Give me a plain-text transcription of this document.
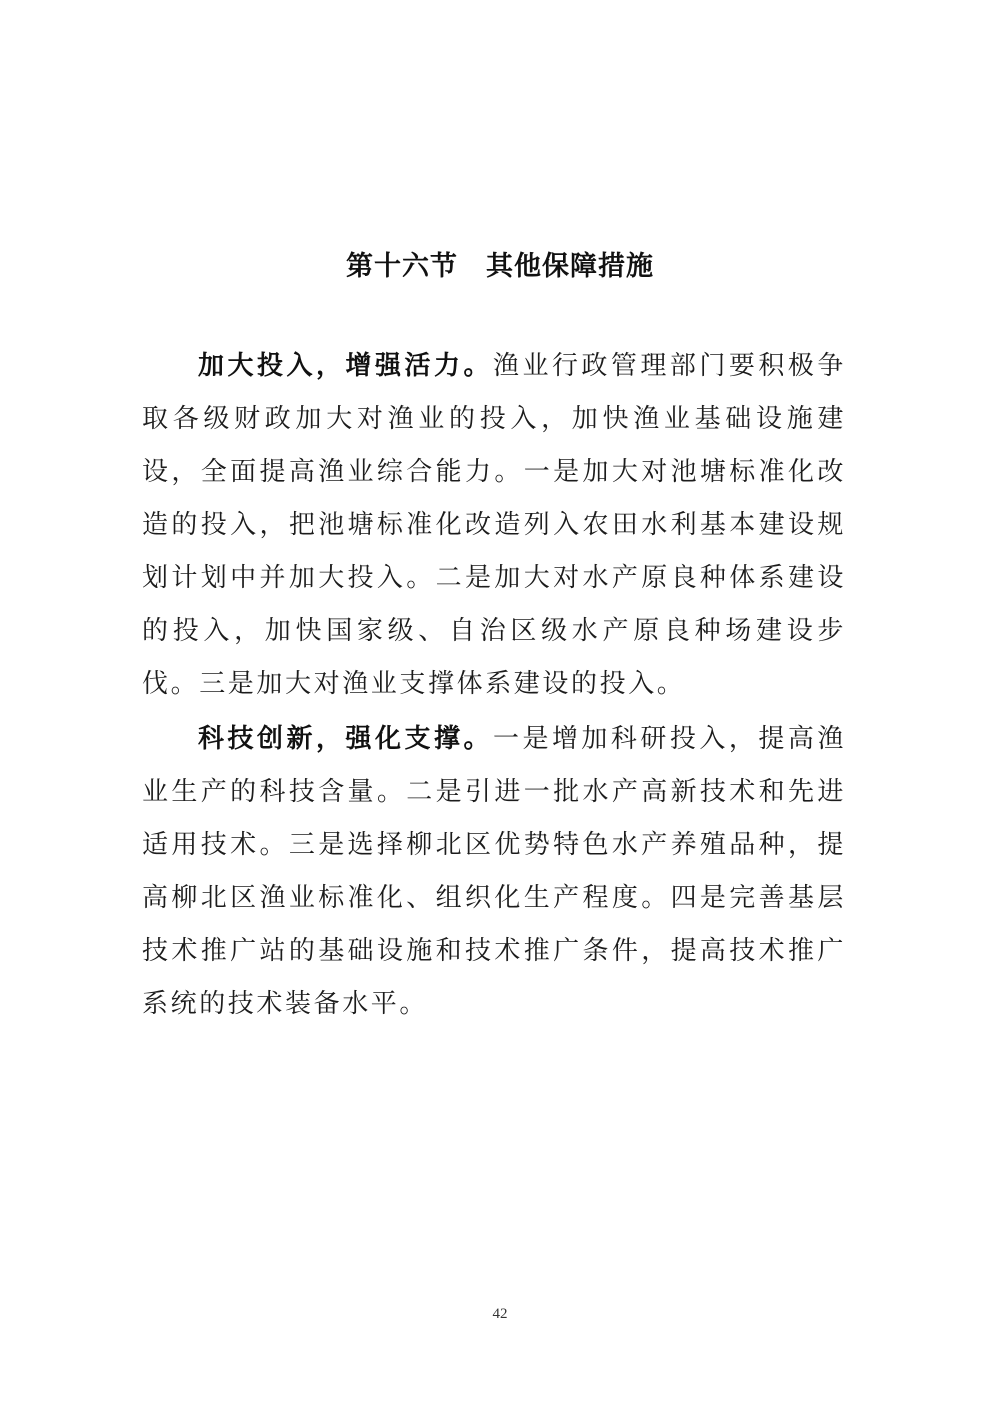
第十六节　其他保障措施

加大投入，增强活力。渔业行政管理部门要积极争取各级财政加大对渔业的投入，加快渔业基础设施建设，全面提高渔业综合能力。一是加大对池塘标准化改造的投入，把池塘标准化改造列入农田水利基本建设规划计划中并加大投入。二是加大对水产原良种体系建设的投入，加快国家级、自治区级水产原良种场建设步伐。三是加大对渔业支撑体系建设的投入。

科技创新，强化支撑。一是增加科研投入，提高渔业生产的科技含量。二是引进一批水产高新技术和先进适用技术。三是选择柳北区优势特色水产养殖品种，提高柳北区渔业标准化、组织化生产程度。四是完善基层技术推广站的基础设施和技术推广条件，提高技术推广系统的技术装备水平。

42
